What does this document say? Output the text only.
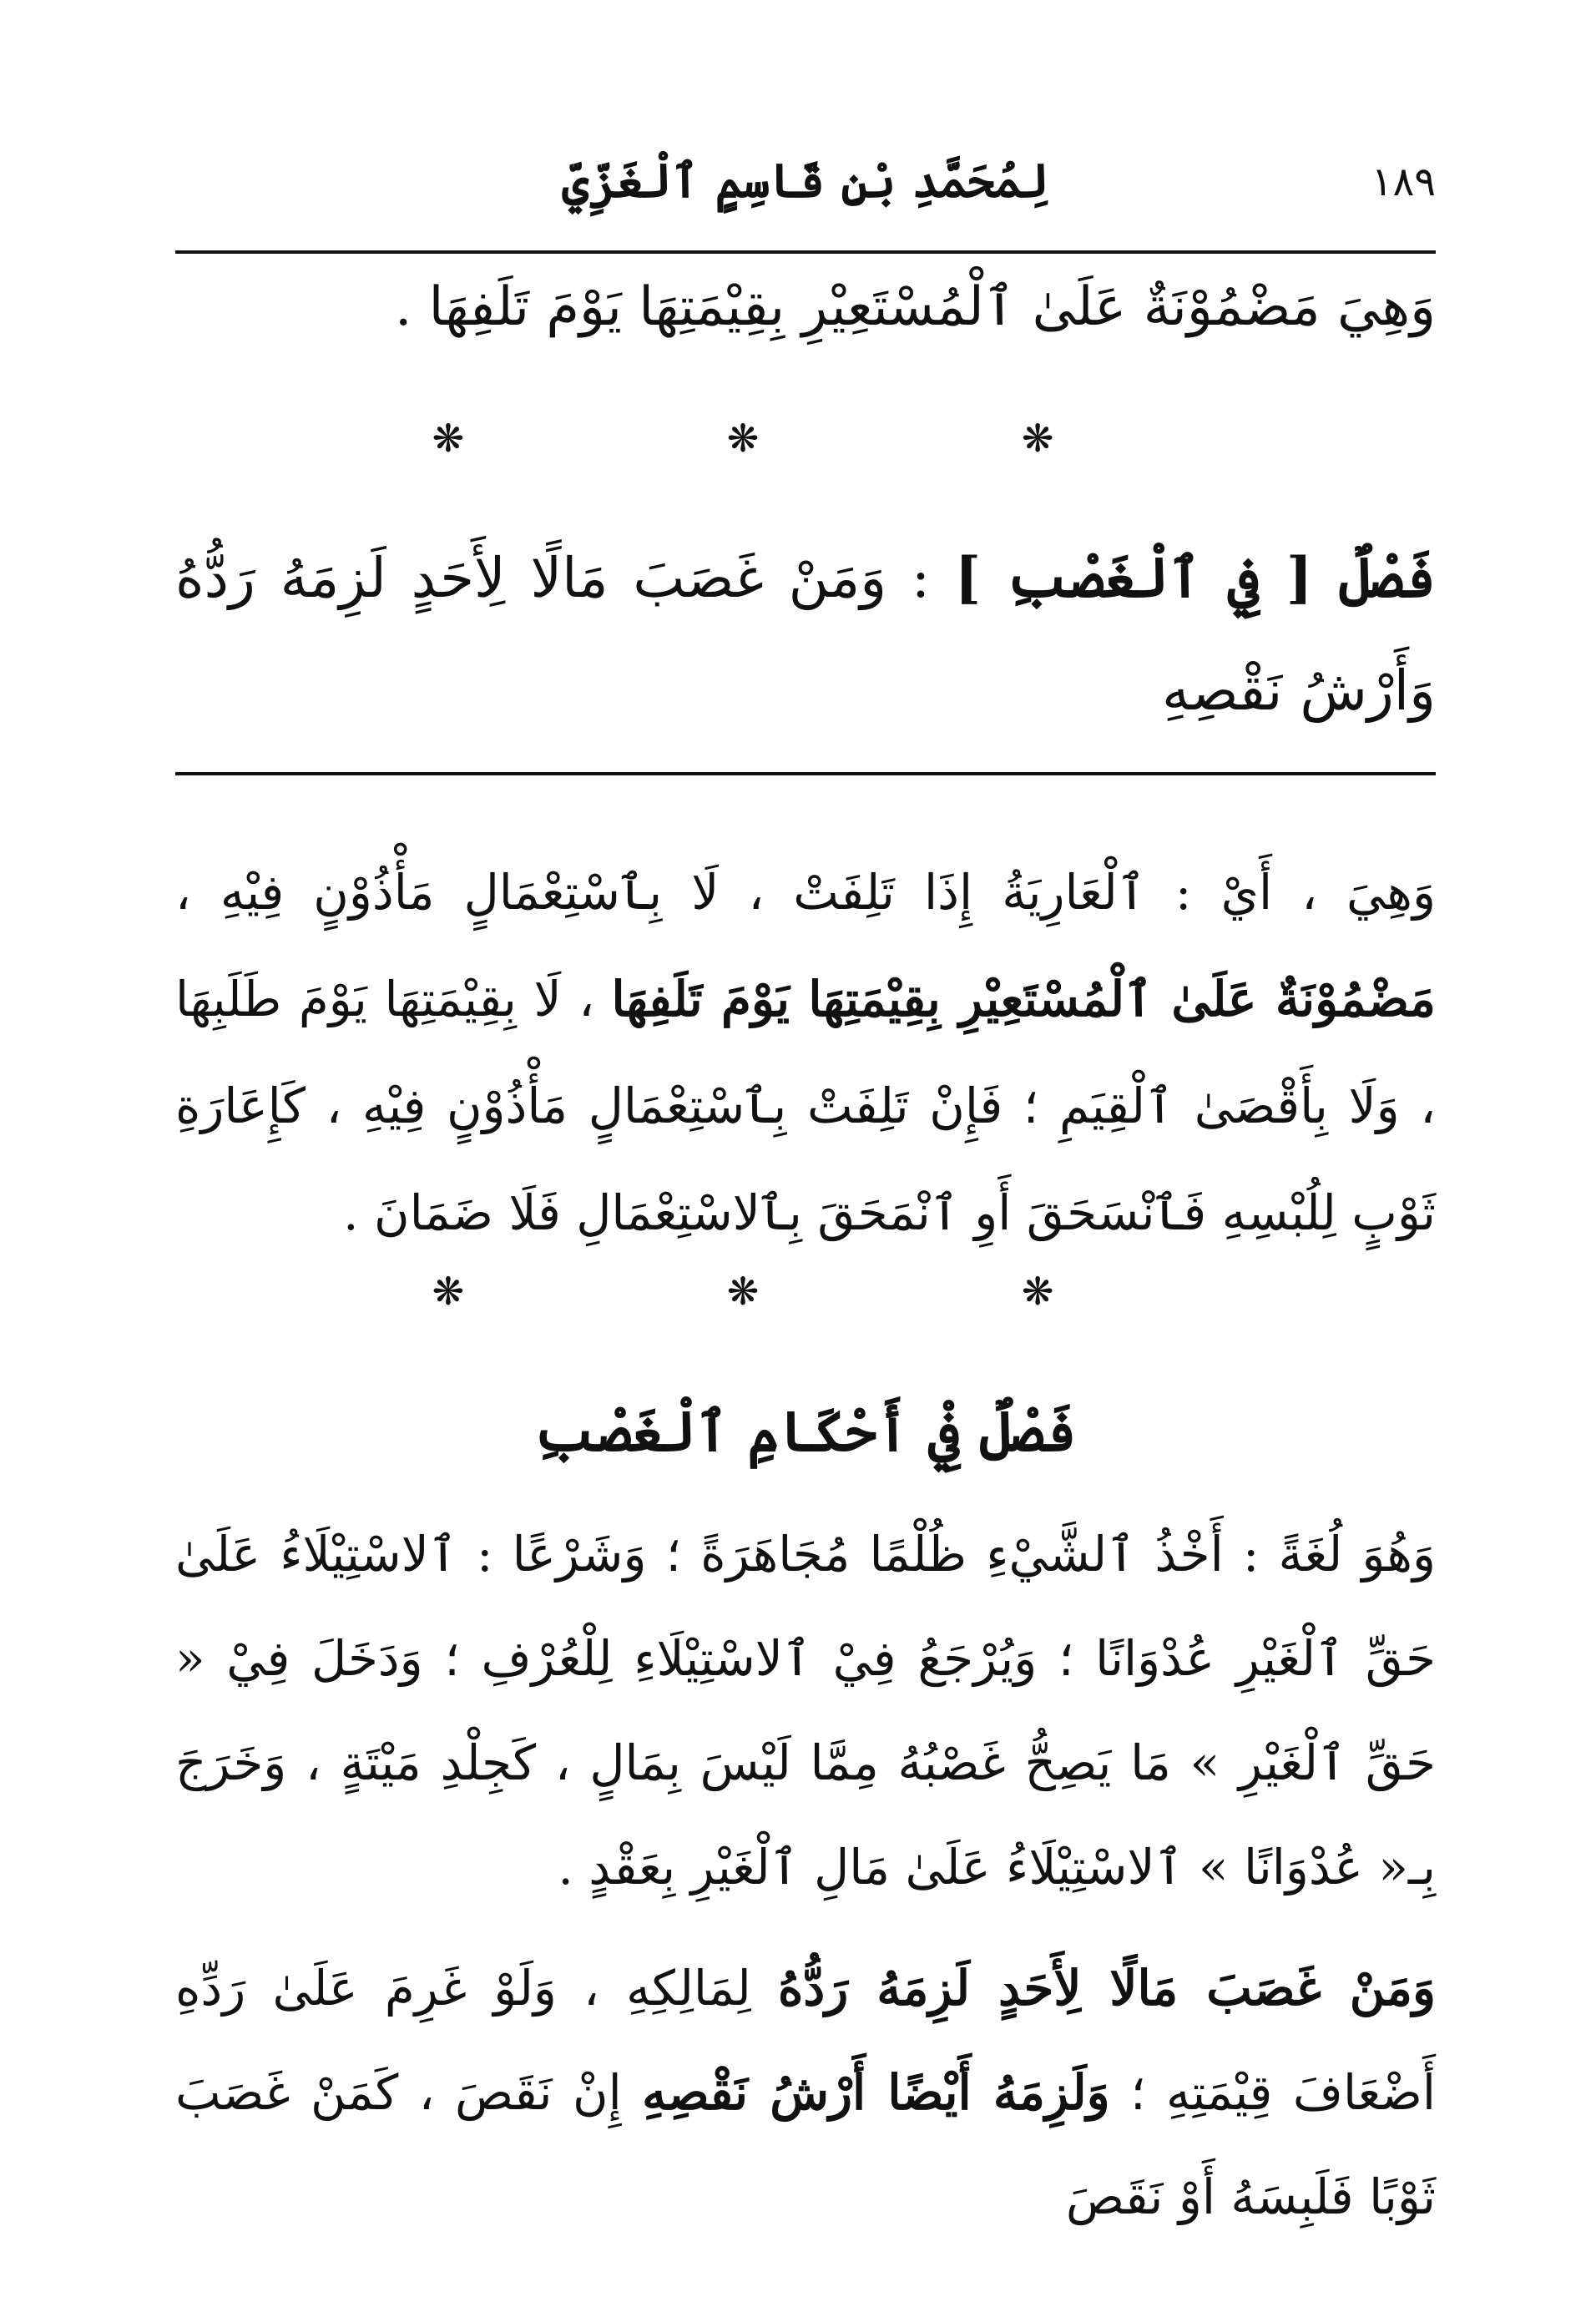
١٨٩
لِمُحَمَّدِ بْنِ قَاسِمٍ ٱلْغَزِّيِّ
وَهِيَ مَضْمُوْنَةٌ عَلَىٰ ٱلْمُسْتَعِيْرِ بِقِيْمَتِهَا يَوْمَ تَلَفِهَا .
❋ ❋ ❋
فَصْلٌ [ فِي ٱلْغَصْبِ ] : وَمَنْ غَصَبَ مَالًا لِأَحَدٍ لَزِمَهُ رَدُّهُ وَأَرْشُ نَقْصِهِ
وَهِيَ ، أَيْ : ٱلْعَارِيَةُ إِذَا تَلِفَتْ ، لَا بِٱسْتِعْمَالٍ مَأْذُوْنٍ فِيْهِ ، مَضْمُوْنَةٌ عَلَىٰ ٱلْمُسْتَعِيْرِ بِقِيْمَتِهَا يَوْمَ تَلَفِهَا ، لَا بِقِيْمَتِهَا يَوْمَ طَلَبِهَا ، وَلَا بِأَقْصَىٰ ٱلْقِيَمِ ؛ فَإِنْ تَلِفَتْ بِٱسْتِعْمَالٍ مَأْذُوْنٍ فِيْهِ ، كَإِعَارَةِ ثَوْبٍ لِلُبْسِهِ فَٱنْسَحَقَ أَوِ ٱنْمَحَقَ بِٱلاسْتِعْمَالِ فَلَا ضَمَانَ .
❋ ❋ ❋
فَصْلٌ فِيْ أَحْكَامِ ٱلْغَصْبِ
وَهُوَ لُغَةً : أَخْذُ ٱلشَّيْءِ ظُلْمًا مُجَاهَرَةً ؛ وَشَرْعًا : ٱلاسْتِيْلَاءُ عَلَىٰ حَقِّ ٱلْغَيْرِ عُدْوَانًا ؛ وَيُرْجَعُ فِيْ ٱلاسْتِيْلَاءِ لِلْعُرْفِ ؛ وَدَخَلَ فِيْ « حَقِّ ٱلْغَيْرِ » مَا يَصِحُّ غَصْبُهُ مِمَّا لَيْسَ بِمَالٍ ، كَجِلْدِ مَيْتَةٍ ، وَخَرَجَ بِـ« عُدْوَانًا » ٱلاسْتِيْلَاءُ عَلَىٰ مَالِ ٱلْغَيْرِ بِعَقْدٍ .
وَمَنْ غَصَبَ مَالًا لِأَحَدٍ لَزِمَهُ رَدُّهُ لِمَالِكِهِ ، وَلَوْ غَرِمَ عَلَىٰ رَدِّهِ أَضْعَافَ قِيْمَتِهِ ؛ وَلَزِمَهُ أَيْضًا أَرْشُ نَقْصِهِ إِنْ نَقَصَ ، كَمَنْ غَصَبَ ثَوْبًا فَلَبِسَهُ أَوْ نَقَصَ
